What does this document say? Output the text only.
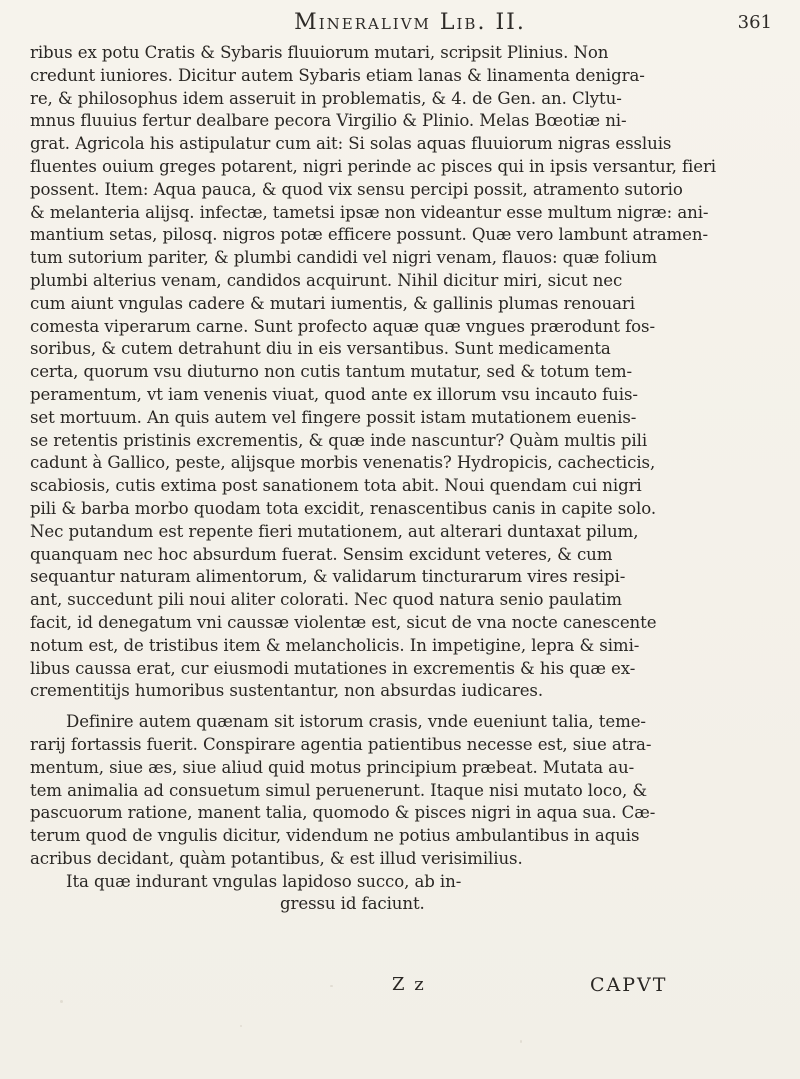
Mineralivm Lib. II.	361
ribus ex potu Cratis & Sybaris fluuiorum mutari, scripsit Plinius. Non
credunt iuniores. Dicitur autem Sybaris etiam lanas & linamenta denigra-
re, & philosophus idem asseruit in problematis, & 4. de Gen. an. Clytu-
mnus fluuius fertur dealbare pecora Virgilio & Plinio. Melas Bœotiæ ni-
grat. Agricola his astipulatur cum ait: Si solas aquas fluuiorum nigras essluis
fluentes ouium greges potarent, nigri perinde ac pisces qui in ipsis versantur, fieri
possent. Item: Aqua pauca, & quod vix sensu percipi possit, atramento sutorio
& melanteria alijsq. infectæ, tametsi ipsæ non videantur esse multum nigræ: ani-
mantium setas, pilosq. nigros potæ efficere possunt. Quæ vero lambunt atramen-
tum sutorium pariter, & plumbi candidi vel nigri venam, flauos: quæ folium
plumbi alterius venam, candidos acquirunt. Nihil dicitur miri, sicut nec
cum aiunt vngulas cadere & mutari iumentis, & gallinis plumas renouari
comesta viperarum carne. Sunt profecto aquæ quæ vngues prærodunt fos-
soribus, & cutem detrahunt diu in eis versantibus. Sunt medicamenta
certa, quorum vsu diuturno non cutis tantum mutatur, sed & totum tem-
peramentum, vt iam venenis viuat, quod ante ex illorum vsu incauto fuis-
set mortuum. An quis autem vel fingere possit istam mutationem euenis-
se retentis pristinis excrementis, & quæ inde nascuntur? Quàm multis pili
cadunt à Gallico, peste, alijsque morbis venenatis? Hydropicis, cachecticis,
scabiosis, cutis extima post sanationem tota abit. Noui quendam cui nigri
pili & barba morbo quodam tota excidit, renascentibus canis in capite solo.
Nec putandum est repente fieri mutationem, aut alterari duntaxat pilum,
quanquam nec hoc absurdum fuerat. Sensim excidunt veteres, & cum
sequantur naturam alimentorum, & validarum tincturarum vires resipi-
ant, succedunt pili noui aliter colorati. Nec quod natura senio paulatim
facit, id denegatum vni caussæ violentæ est, sicut de vna nocte canescente
notum est, de tristibus item & melancholicis. In impetigine, lepra & simi-
libus caussa erat, cur eiusmodi mutationes in excrementis & his quæ ex-
crementitijs humoribus sustentantur, non absurdas iudicares.
Definire autem quænam sit istorum crasis, vnde eueniunt talia, teme-
rarij fortassis fuerit. Conspirare agentia patientibus necesse est, siue atra-
mentum, siue æs, siue aliud quid motus principium præbeat. Mutata au-
tem animalia ad consuetum simul peruenerunt. Itaque nisi mutato loco, &
pascuorum ratione, manent talia, quomodo & pisces nigri in aqua sua. Cæ-
terum quod de vngulis dicitur, videndum ne potius ambulantibus in aquis
acribus decidant, quàm potantibus, & est illud verisimilius.
Ita quæ indurant vngulas lapidoso succo, ab in-
gressu id faciunt.
Z z	CAPVT
